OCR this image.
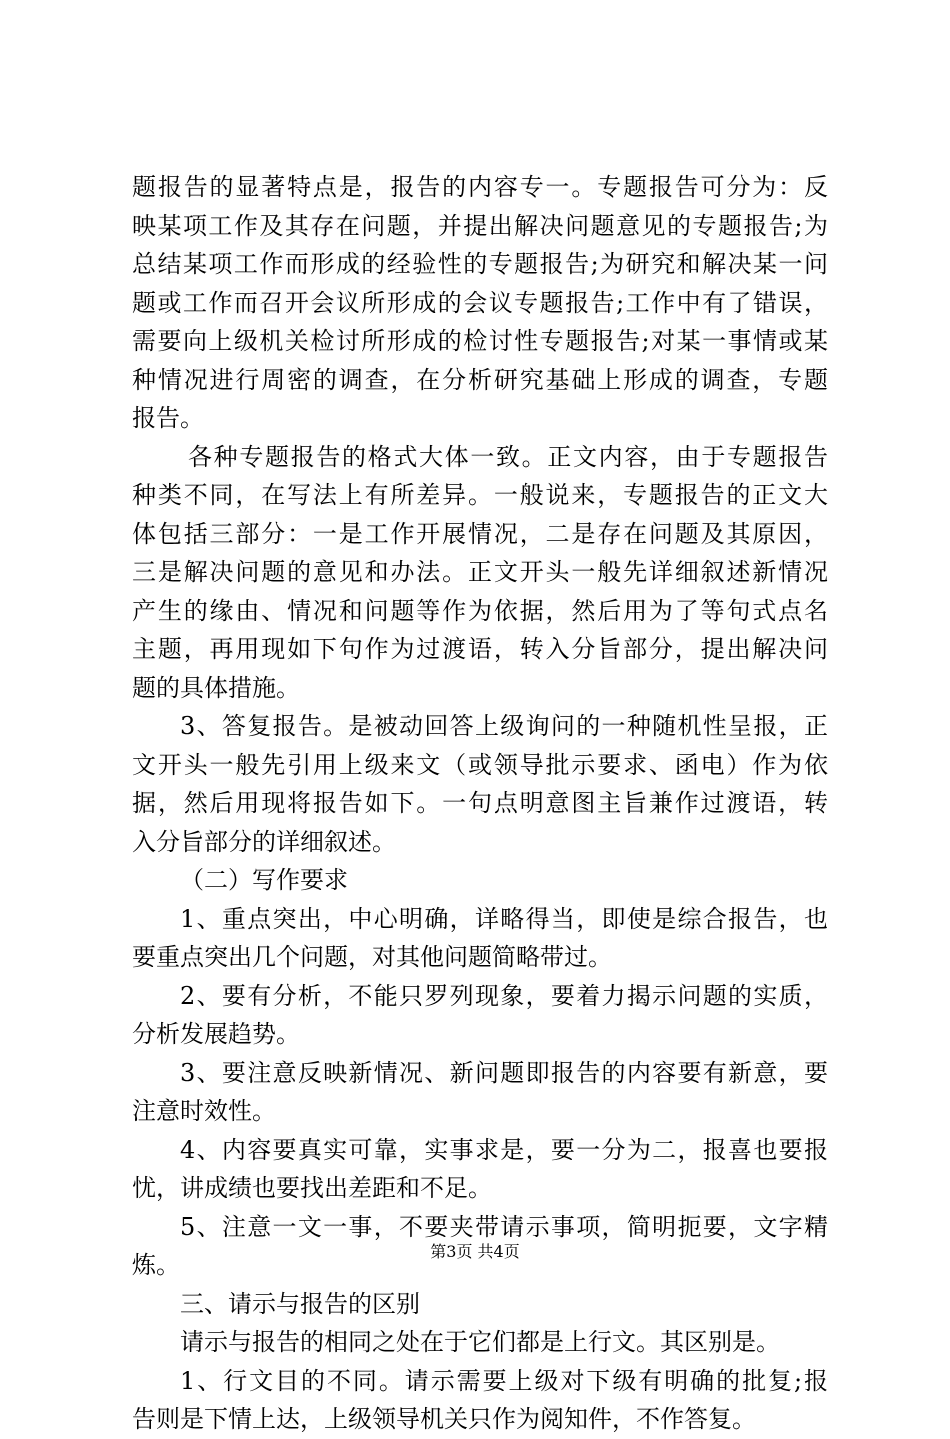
题报告的显著特点是，报告的内容专一。专题报告可分为：反
映某项工作及其存在问题，并提出解决问题意见的专题报告;为
总结某项工作而形成的经验性的专题报告;为研究和解决某一问
题或工作而召开会议所形成的会议专题报告;工作中有了错误，
需要向上级机关检讨所形成的检讨性专题报告;对某一事情或某
种情况进行周密的调查，在分析研究基础上形成的调查，专题
报告。
各种专题报告的格式大体一致。正文内容，由于专题报告
种类不同，在写法上有所差异。一般说来，专题报告的正文大
体包括三部分：一是工作开展情况，二是存在问题及其原因，
三是解决问题的意见和办法。正文开头一般先详细叙述新情况
产生的缘由、情况和问题等作为依据，然后用为了等句式点名
主题，再用现如下句作为过渡语，转入分旨部分，提出解决问
题的具体措施。
3、答复报告。是被动回答上级询问的一种随机性呈报，正
文开头一般先引用上级来文（或领导批示要求、函电）作为依
据，然后用现将报告如下。一句点明意图主旨兼作过渡语，转
入分旨部分的详细叙述。
（二）写作要求
1、重点突出，中心明确，详略得当，即使是综合报告，也
要重点突出几个问题，对其他问题简略带过。
2、要有分析，不能只罗列现象，要着力揭示问题的实质，
分析发展趋势。
3、要注意反映新情况、新问题即报告的内容要有新意，要
注意时效性。
4、内容要真实可靠，实事求是，要一分为二，报喜也要报
忧，讲成绩也要找出差距和不足。
5、注意一文一事，不要夹带请示事项，简明扼要，文字精
炼。
三、请示与报告的区别
请示与报告的相同之处在于它们都是上行文。其区别是。
1、行文目的不同。请示需要上级对下级有明确的批复;报
告则是下情上达，上级领导机关只作为阅知件，不作答复。
第3页 共4页
